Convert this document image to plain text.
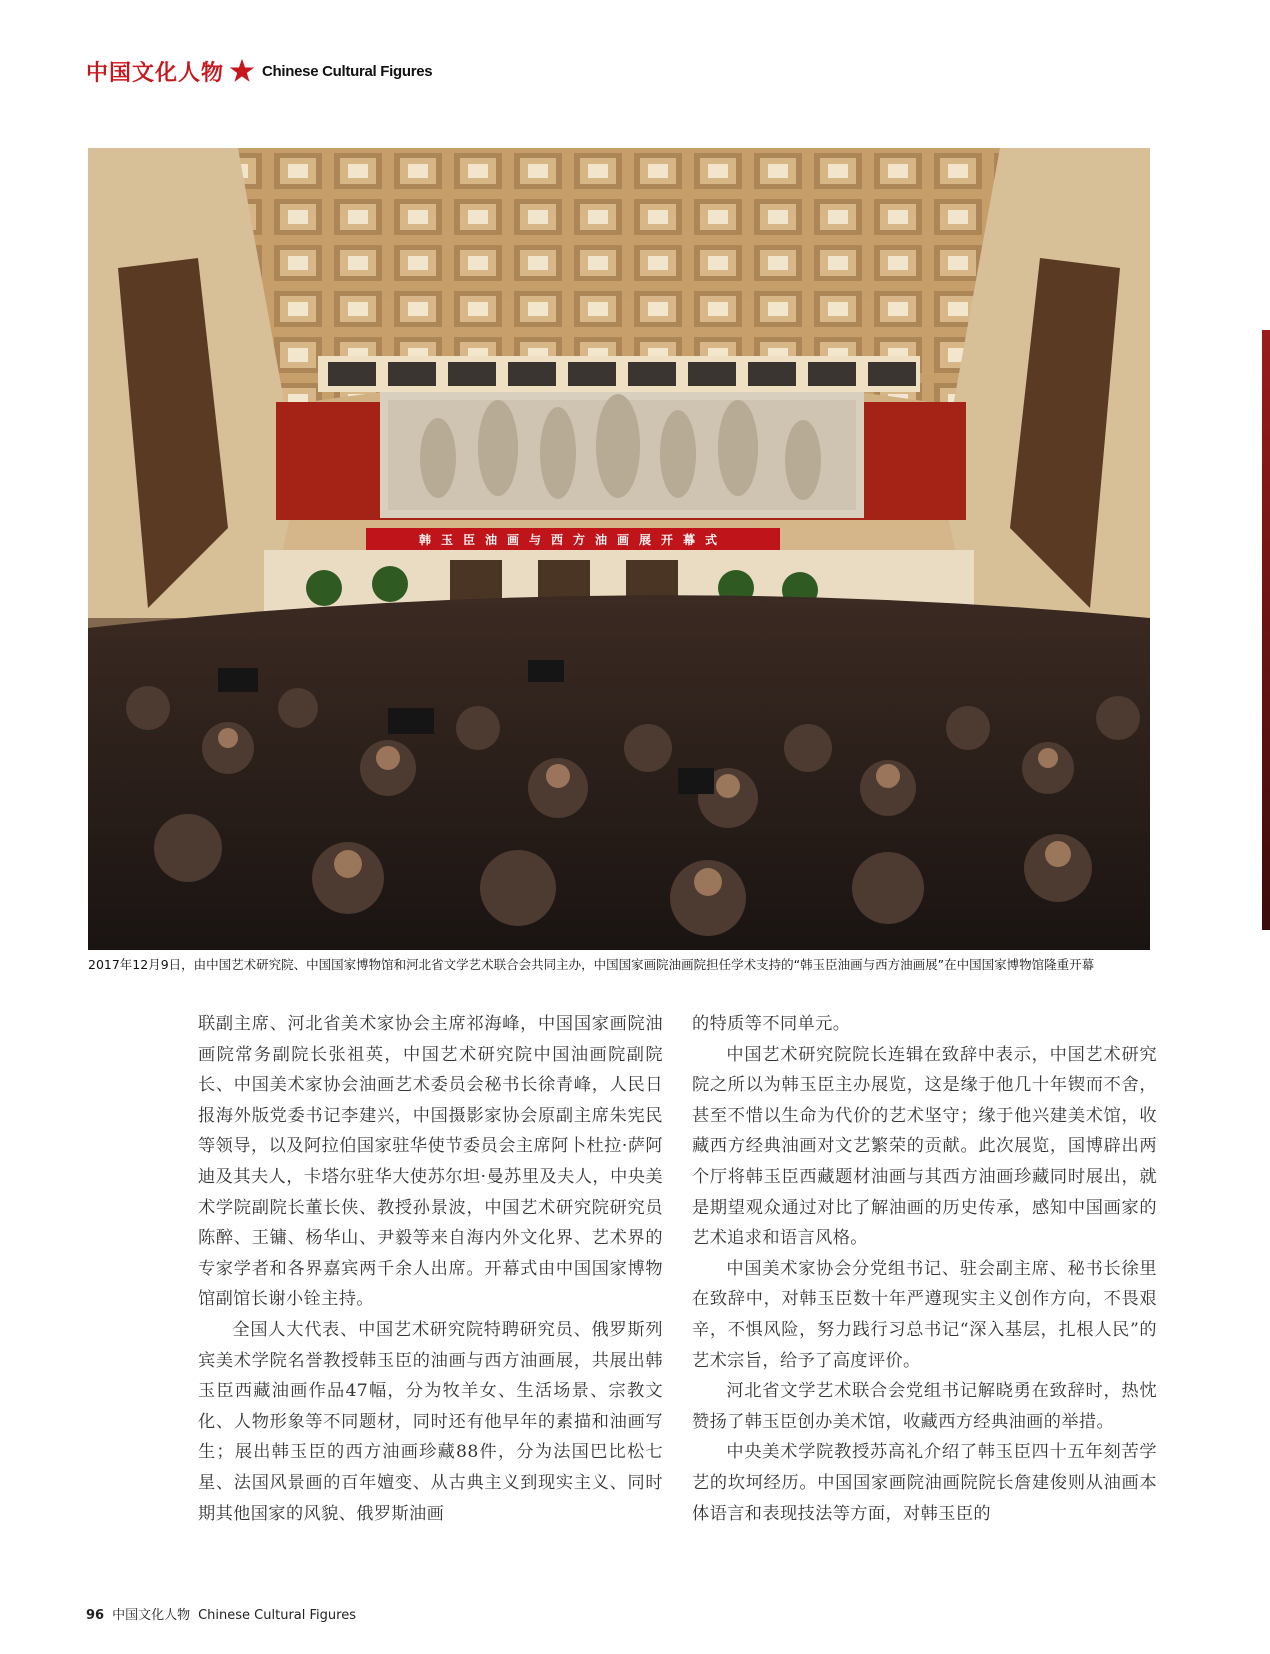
中国文化人物	Chinese Cultural Figures
韩玉臣油画与西方油画展开幕式
2017年12月9日，由中国艺术研究院、中国国家博物馆和河北省文学艺术联合会共同主办，中国国家画院油画院担任学术支持的“韩玉臣油画与西方油画展”在中国国家博物馆隆重开幕

联副主席、河北省美术家协会主席祁海峰，中国国家画院油画院常务副院长张祖英，中国艺术研究院中国油画院副院长、中国美术家协会油画艺术委员会秘书长徐青峰，人民日报海外版党委书记李建兴，中国摄影家协会原副主席朱宪民等领导，以及阿拉伯国家驻华使节委员会主席阿卜杜拉·萨阿迪及其夫人，卡塔尔驻华大使苏尔坦·曼苏里及夫人，中央美术学院副院长董长侠、教授孙景波，中国艺术研究院研究员陈醉、王镛、杨华山、尹毅等来自海内外文化界、艺术界的专家学者和各界嘉宾两千余人出席。开幕式由中国国家博物馆副馆长谢小铨主持。

全国人大代表、中国艺术研究院特聘研究员、俄罗斯列宾美术学院名誉教授韩玉臣的油画与西方油画展，共展出韩玉臣西藏油画作品47幅，分为牧羊女、生活场景、宗教文化、人物形象等不同题材，同时还有他早年的素描和油画写生；展出韩玉臣的西方油画珍藏88件，分为法国巴比松七星、法国风景画的百年嬗变、从古典主义到现实主义、同时期其他国家的风貌、俄罗斯油画

的特质等不同单元。

中国艺术研究院院长连辑在致辞中表示，中国艺术研究院之所以为韩玉臣主办展览，这是缘于他几十年锲而不舍，甚至不惜以生命为代价的艺术坚守；缘于他兴建美术馆，收藏西方经典油画对文艺繁荣的贡献。此次展览，国博辟出两个厅将韩玉臣西藏题材油画与其西方油画珍藏同时展出，就是期望观众通过对比了解油画的历史传承，感知中国画家的艺术追求和语言风格。

中国美术家协会分党组书记、驻会副主席、秘书长徐里在致辞中，对韩玉臣数十年严遵现实主义创作方向，不畏艰辛，不惧风险，努力践行习总书记“深入基层，扎根人民”的艺术宗旨，给予了高度评价。

河北省文学艺术联合会党组书记解晓勇在致辞时，热忱赞扬了韩玉臣创办美术馆，收藏西方经典油画的举措。

中央美术学院教授苏高礼介绍了韩玉臣四十五年刻苦学艺的坎坷经历。中国国家画院油画院院长詹建俊则从油画本体语言和表现技法等方面，对韩玉臣的

96 中国文化人物 Chinese Cultural Figures
